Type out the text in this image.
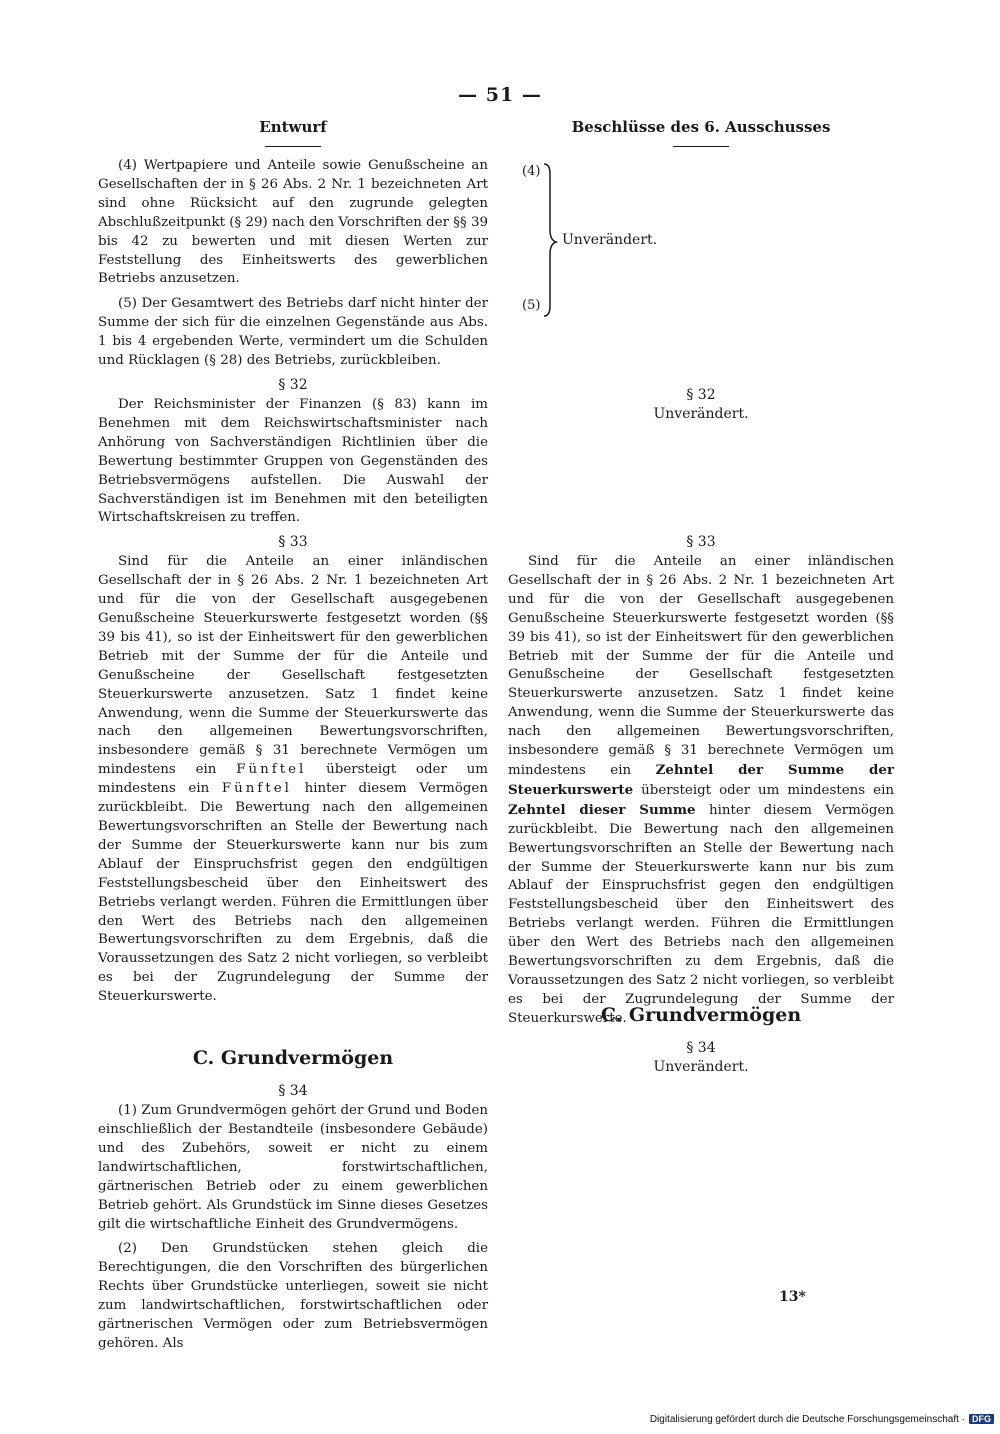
— 51 —
Entwurf

(4) Wertpapiere und Anteile sowie Genußscheine an Gesellschaften der in § 26 Abs. 2 Nr. 1 bezeichneten Art sind ohne Rücksicht auf den zugrunde gelegten Abschlußzeitpunkt (§ 29) nach den Vorschriften der §§ 39 bis 42 zu bewerten und mit diesen Werten zur Feststellung des Einheitswerts des gewerblichen Betriebs anzusetzen.

(5) Der Gesamtwert des Betriebs darf nicht hinter der Summe der sich für die einzelnen Gegenstände aus Abs. 1 bis 4 ergebenden Werte, vermindert um die Schulden und Rücklagen (§ 28) des Betriebs, zurückbleiben.

§ 32

Der Reichsminister der Finanzen (§ 83) kann im Benehmen mit dem Reichswirtschaftsminister nach Anhörung von Sachverständigen Richtlinien über die Bewertung bestimmter Gruppen von Gegenständen des Betriebsvermögens aufstellen. Die Auswahl der Sachverständigen ist im Benehmen mit den beteiligten Wirtschaftskreisen zu treffen.

§ 33

Sind für die Anteile an einer inländischen Gesellschaft der in § 26 Abs. 2 Nr. 1 bezeichneten Art und für die von der Gesellschaft ausgegebenen Genußscheine Steuerkurswerte festgesetzt worden (§§ 39 bis 41), so ist der Einheitswert für den gewerblichen Betrieb mit der Summe der für die Anteile und Genußscheine der Gesellschaft festgesetzten Steuerkurswerte anzusetzen. Satz 1 findet keine Anwendung, wenn die Summe der Steuerkurswerte das nach den allgemeinen Bewertungsvorschriften, insbesondere gemäß § 31 berechnete Vermögen um mindestens ein Fünftel übersteigt oder um mindestens ein Fünftel hinter diesem Vermögen zurückbleibt. Die Bewertung nach den allgemeinen Bewertungsvorschriften an Stelle der Bewertung nach der Summe der Steuerkurswerte kann nur bis zum Ablauf der Einspruchsfrist gegen den endgültigen Feststellungsbescheid über den Einheitswert des Betriebs verlangt werden. Führen die Ermittlungen über den Wert des Betriebs nach den allgemeinen Bewertungsvorschriften zu dem Ergebnis, daß die Voraussetzungen des Satz 2 nicht vorliegen, so verbleibt es bei der Zugrundelegung der Summe der Steuerkurswerte.

C. Grundvermögen
§ 34

(1) Zum Grundvermögen gehört der Grund und Boden einschließlich der Bestandteile (insbesondere Gebäude) und des Zubehörs, soweit er nicht zu einem landwirtschaftlichen, forstwirtschaftlichen, gärtnerischen Betrieb oder zu einem gewerblichen Betrieb gehört. Als Grundstück im Sinne dieses Gesetzes gilt die wirtschaftliche Einheit des Grundvermögens.

(2) Den Grundstücken stehen gleich die Berechtigungen, die den Vorschriften des bürgerlichen Rechts über Grundstücke unterliegen, soweit sie nicht zum landwirtschaftlichen, forstwirtschaftlichen oder gärtnerischen Vermögen oder zum Betriebsvermögen gehören. Als

Beschlüsse des 6. Ausschusses
(4)
(5)
Unverändert.
§ 32
Unverändert.
§ 33

Sind für die Anteile an einer inländischen Gesellschaft der in § 26 Abs. 2 Nr. 1 bezeichneten Art und für die von der Gesellschaft ausgegebenen Genußscheine Steuerkurswerte festgesetzt worden (§§ 39 bis 41), so ist der Einheitswert für den gewerblichen Betrieb mit der Summe der für die Anteile und Genußscheine der Gesellschaft festgesetzten Steuerkurswerte anzusetzen. Satz 1 findet keine Anwendung, wenn die Summe der Steuerkurswerte das nach den allgemeinen Bewertungsvorschriften, insbesondere gemäß § 31 berechnete Vermögen um mindestens ein Zehntel der Summe der Steuerkurswerte übersteigt oder um mindestens ein Zehntel dieser Summe hinter diesem Vermögen zurückbleibt. Die Bewertung nach den allgemeinen Bewertungsvorschriften an Stelle der Bewertung nach der Summe der Steuerkurswerte kann nur bis zum Ablauf der Einspruchsfrist gegen den endgültigen Feststellungsbescheid über den Einheitswert des Betriebs verlangt werden. Führen die Ermittlungen über den Wert des Betriebs nach den allgemeinen Bewertungsvorschriften zu dem Ergebnis, daß die Voraussetzungen des Satz 2 nicht vorliegen, so verbleibt es bei der Zugrundelegung der Summe der Steuerkurswerte.

C. Grundvermögen
§ 34
Unverändert.
13*
Digitalisierung gefördert durch die Deutsche Forschungsgemeinschaft · DFG
